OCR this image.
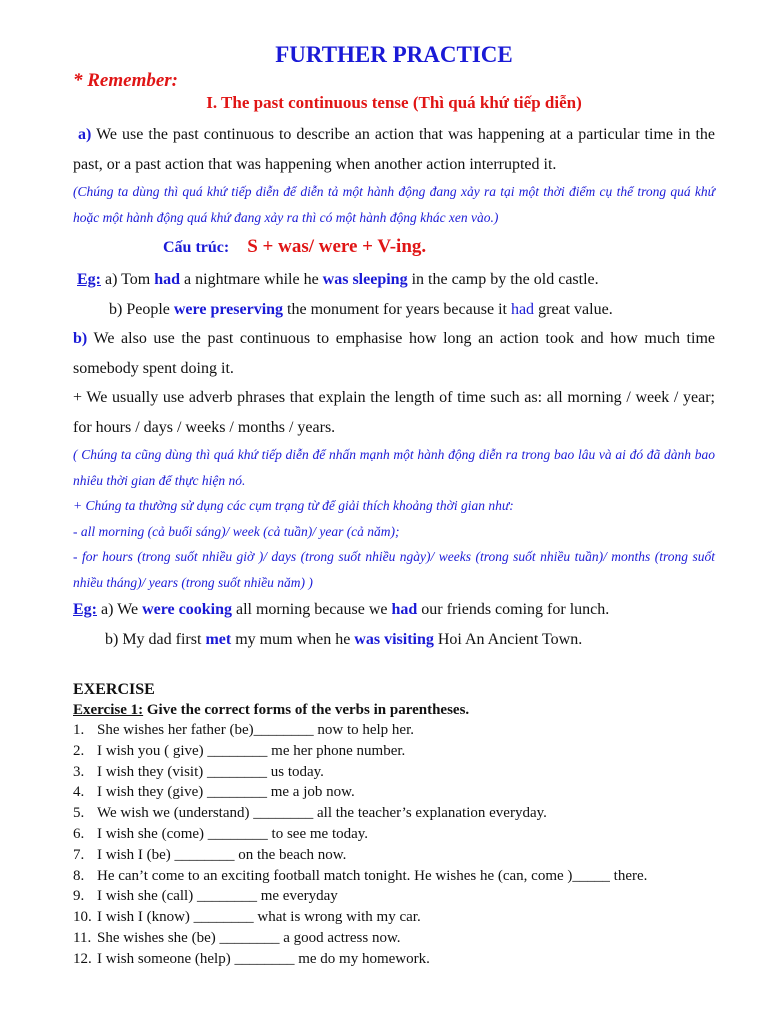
FURTHER PRACTICE

* Remember:

I. The past continuous tense (Thì quá khứ tiếp diễn)

a) We use the past continuous to describe an action that was happening at a particular time in the past, or a past action that was happening when another action interrupted it.

(Chúng ta dùng thì quá khứ tiếp diễn để diễn tả một hành động đang xảy ra tại một thời điểm cụ thể trong quá khứ hoặc một hành động quá khứ đang xảy ra thì có một hành động khác xen vào.)

Cấu trúc: S + was/ were + V-ing.

Eg: a) Tom had a nightmare while he was sleeping in the camp by the old castle.

b) People were preserving the monument for years because it had great value.

b) We also use the past continuous to emphasise how long an action took and how much time somebody spent doing it.

+ We usually use adverb phrases that explain the length of time such as: all morning / week / year; for hours / days / weeks / months / years.

( Chúng ta cũng dùng thì quá khứ tiếp diễn để nhấn mạnh một hành động diễn ra trong bao lâu và ai đó đã dành bao nhiêu thời gian để thực hiện nó.

+ Chúng ta thường sử dụng các cụm trạng từ để giải thích khoảng thời gian như:

- all morning (cả buổi sáng)/ week (cả tuần)/ year (cả năm);

- for hours (trong suốt nhiều giờ )/ days (trong suốt nhiều ngày)/ weeks (trong suốt nhiều tuần)/ months (trong suốt nhiều tháng)/ years (trong suốt nhiều năm) )

Eg: a) We were cooking all morning because we had our friends coming for lunch.

b) My dad first met my mum when he was visiting Hoi An Ancient Town.

EXERCISE

Exercise 1: Give the correct forms of the verbs in parentheses.

1. She wishes her father (be)________ now to help her.
2. I wish you ( give) ________ me her phone number.
3. I wish they (visit) ________ us today.
4. I wish they (give) ________ me a job now.
5. We wish we (understand) ________ all the teacher’s explanation everyday.
6. I wish she (come) ________ to see me today.
7. I wish I (be) ________ on the beach now.
8. He can’t come to an exciting football match tonight. He wishes he (can, come )_____ there.
9. I wish she (call) ________ me everyday
10. I wish I (know) ________ what is wrong with my car.
11. She wishes she (be) ________ a good actress now.
12. I wish someone (help) ________ me do my homework.
